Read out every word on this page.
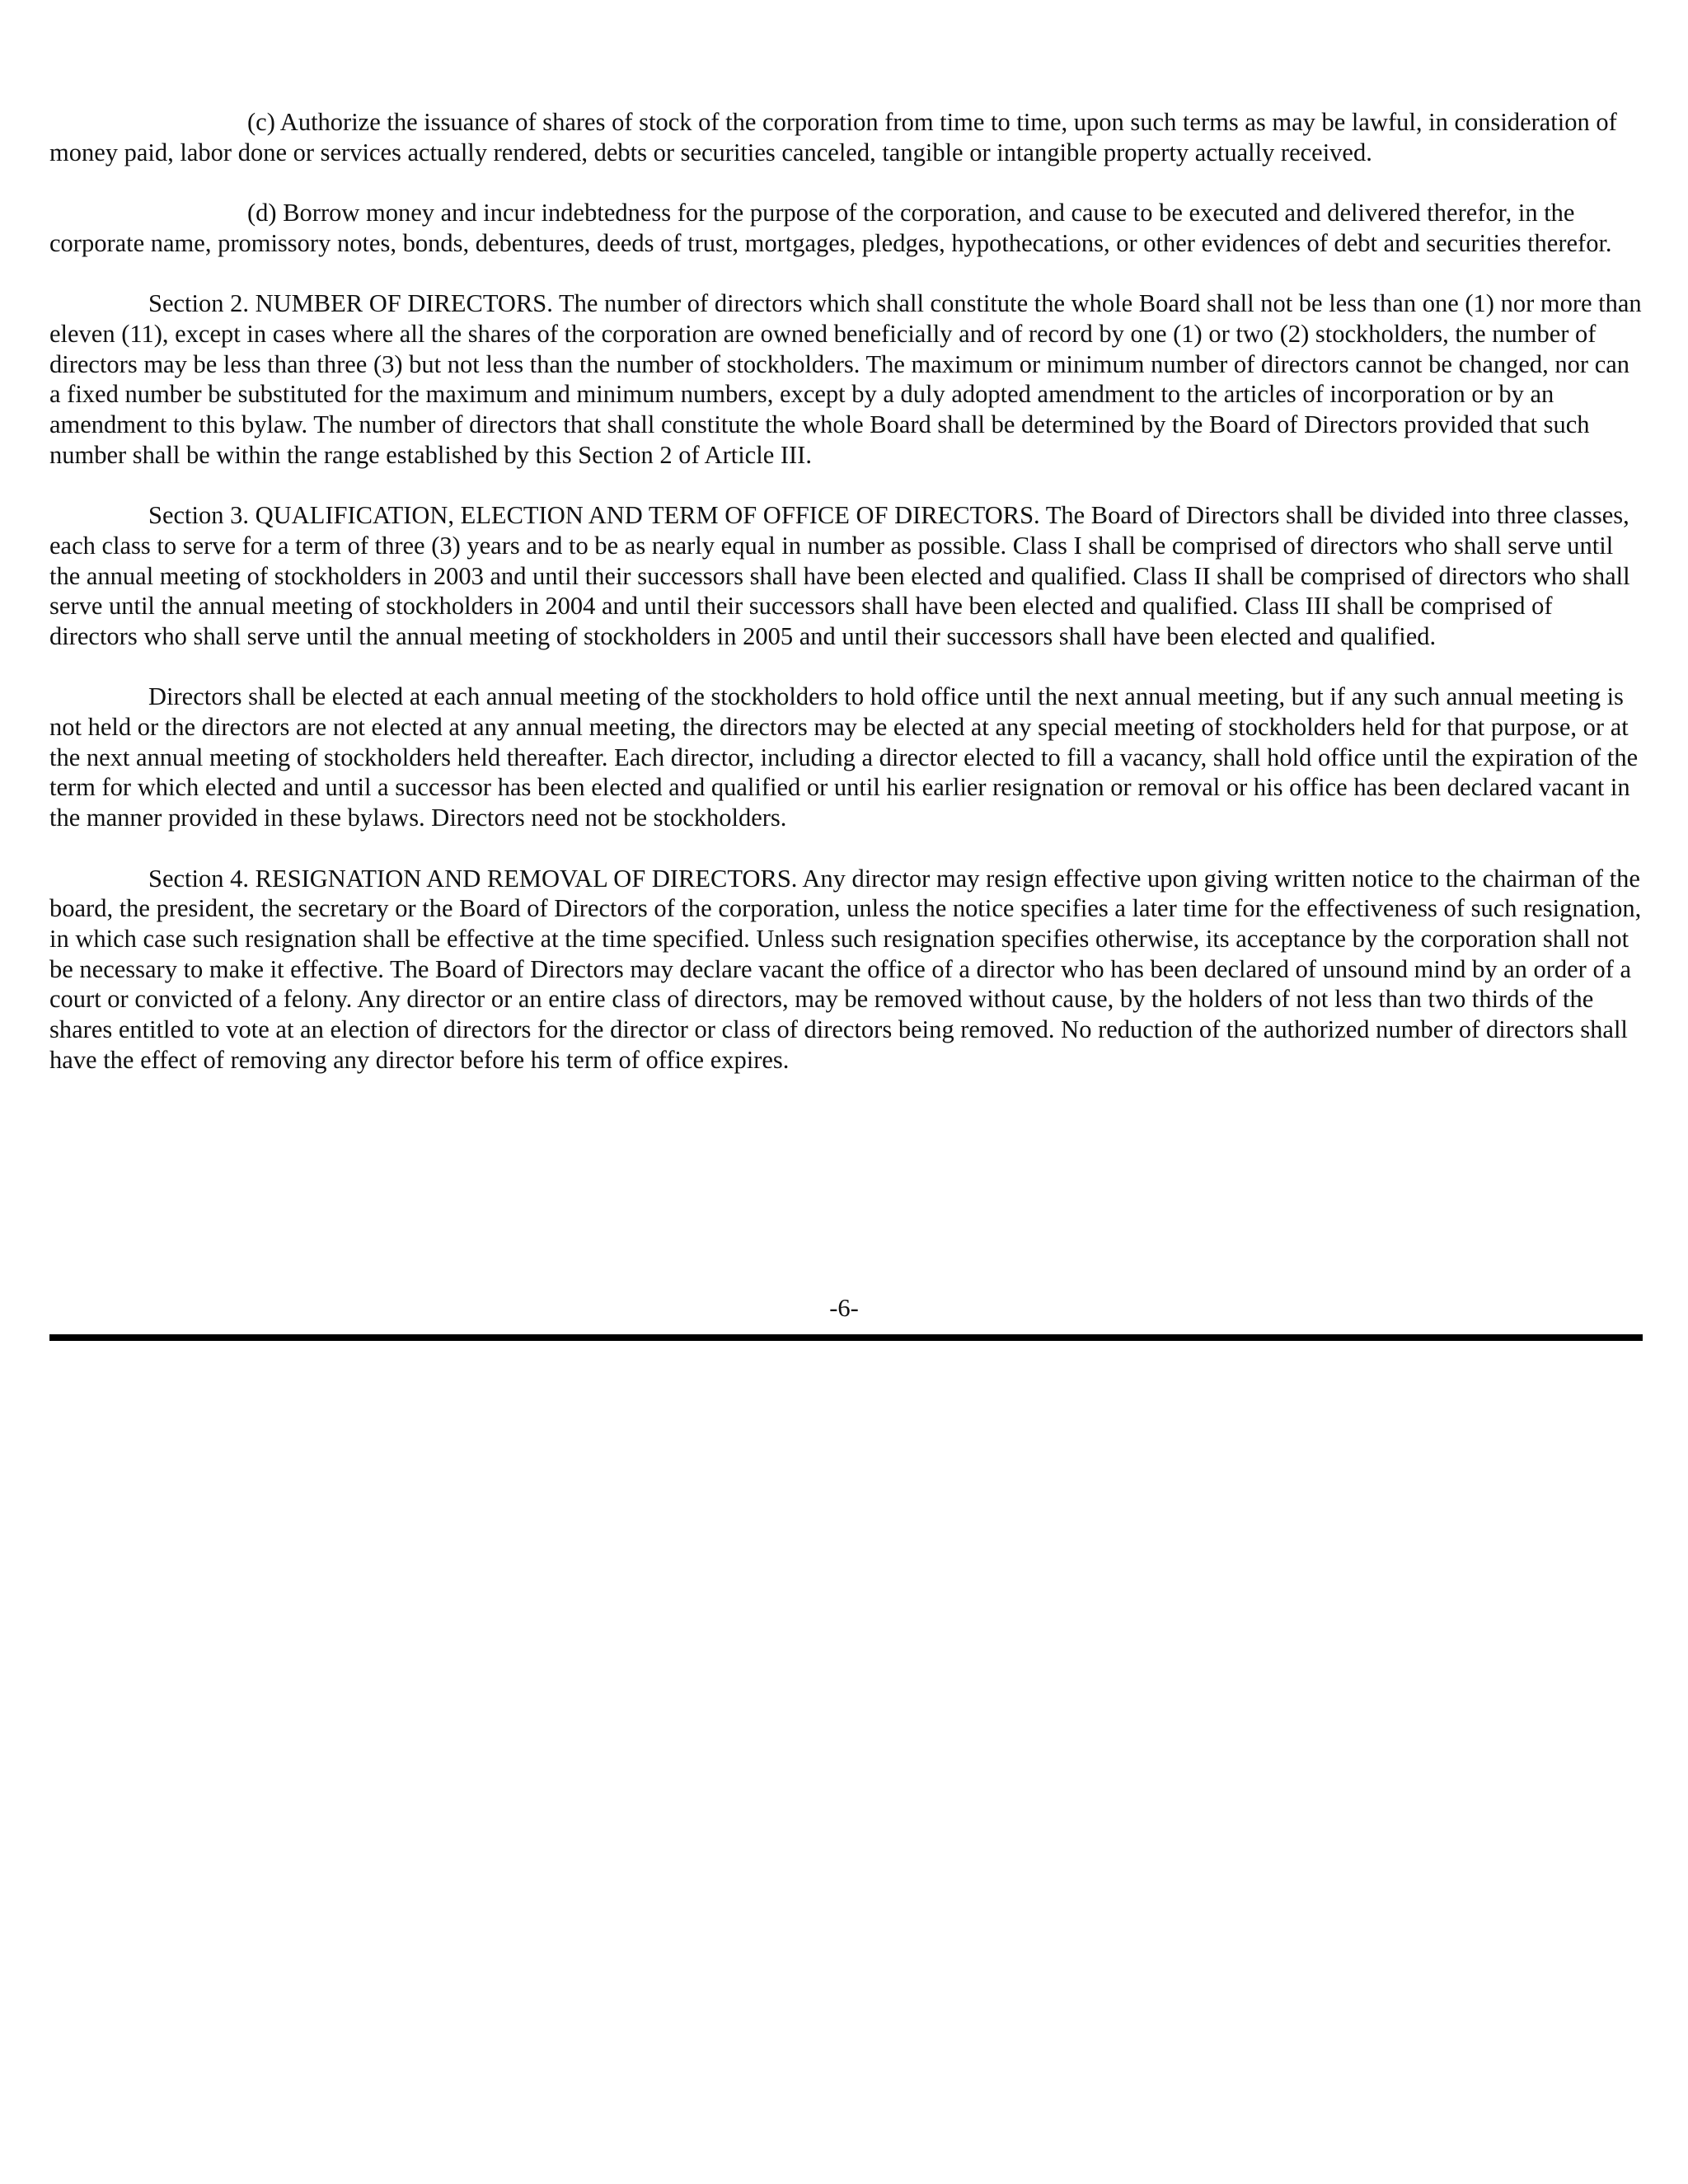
(c) Authorize the issuance of shares of stock of the corporation from time to time, upon such terms as may be lawful, in consideration of money paid, labor done or services actually rendered, debts or securities canceled, tangible or intangible property actually received.

(d) Borrow money and incur indebtedness for the purpose of the corporation, and cause to be executed and delivered therefor, in the corporate name, promissory notes, bonds, debentures, deeds of trust, mortgages, pledges, hypothecations, or other evidences of debt and securities therefor.

Section 2. NUMBER OF DIRECTORS. The number of directors which shall constitute the whole Board shall not be less than one (1) nor more than eleven (11), except in cases where all the shares of the corporation are owned beneficially and of record by one (1) or two (2) stockholders, the number of directors may be less than three (3) but not less than the number of stockholders. The maximum or minimum number of directors cannot be changed, nor can a fixed number be substituted for the maximum and minimum numbers, except by a duly adopted amendment to the articles of incorporation or by an amendment to this bylaw. The number of directors that shall constitute the whole Board shall be determined by the Board of Directors provided that such number shall be within the range established by this Section 2 of Article III.

Section 3. QUALIFICATION, ELECTION AND TERM OF OFFICE OF DIRECTORS. The Board of Directors shall be divided into three classes, each class to serve for a term of three (3) years and to be as nearly equal in number as possible. Class I shall be comprised of directors who shall serve until the annual meeting of stockholders in 2003 and until their successors shall have been elected and qualified. Class II shall be comprised of directors who shall serve until the annual meeting of stockholders in 2004 and until their successors shall have been elected and qualified. Class III shall be comprised of directors who shall serve until the annual meeting of stockholders in 2005 and until their successors shall have been elected and qualified.

Directors shall be elected at each annual meeting of the stockholders to hold office until the next annual meeting, but if any such annual meeting is not held or the directors are not elected at any annual meeting, the directors may be elected at any special meeting of stockholders held for that purpose, or at the next annual meeting of stockholders held thereafter. Each director, including a director elected to fill a vacancy, shall hold office until the expiration of the term for which elected and until a successor has been elected and qualified or until his earlier resignation or removal or his office has been declared vacant in the manner provided in these bylaws. Directors need not be stockholders.

Section 4. RESIGNATION AND REMOVAL OF DIRECTORS. Any director may resign effective upon giving written notice to the chairman of the board, the president, the secretary or the Board of Directors of the corporation, unless the notice specifies a later time for the effectiveness of such resignation, in which case such resignation shall be effective at the time specified. Unless such resignation specifies otherwise, its acceptance by the corporation shall not be necessary to make it effective. The Board of Directors may declare vacant the office of a director who has been declared of unsound mind by an order of a court or convicted of a felony. Any director or an entire class of directors, may be removed without cause, by the holders of not less than two thirds of the shares entitled to vote at an election of directors for the director or class of directors being removed. No reduction of the authorized number of directors shall have the effect of removing any director before his term of office expires.

-6-
